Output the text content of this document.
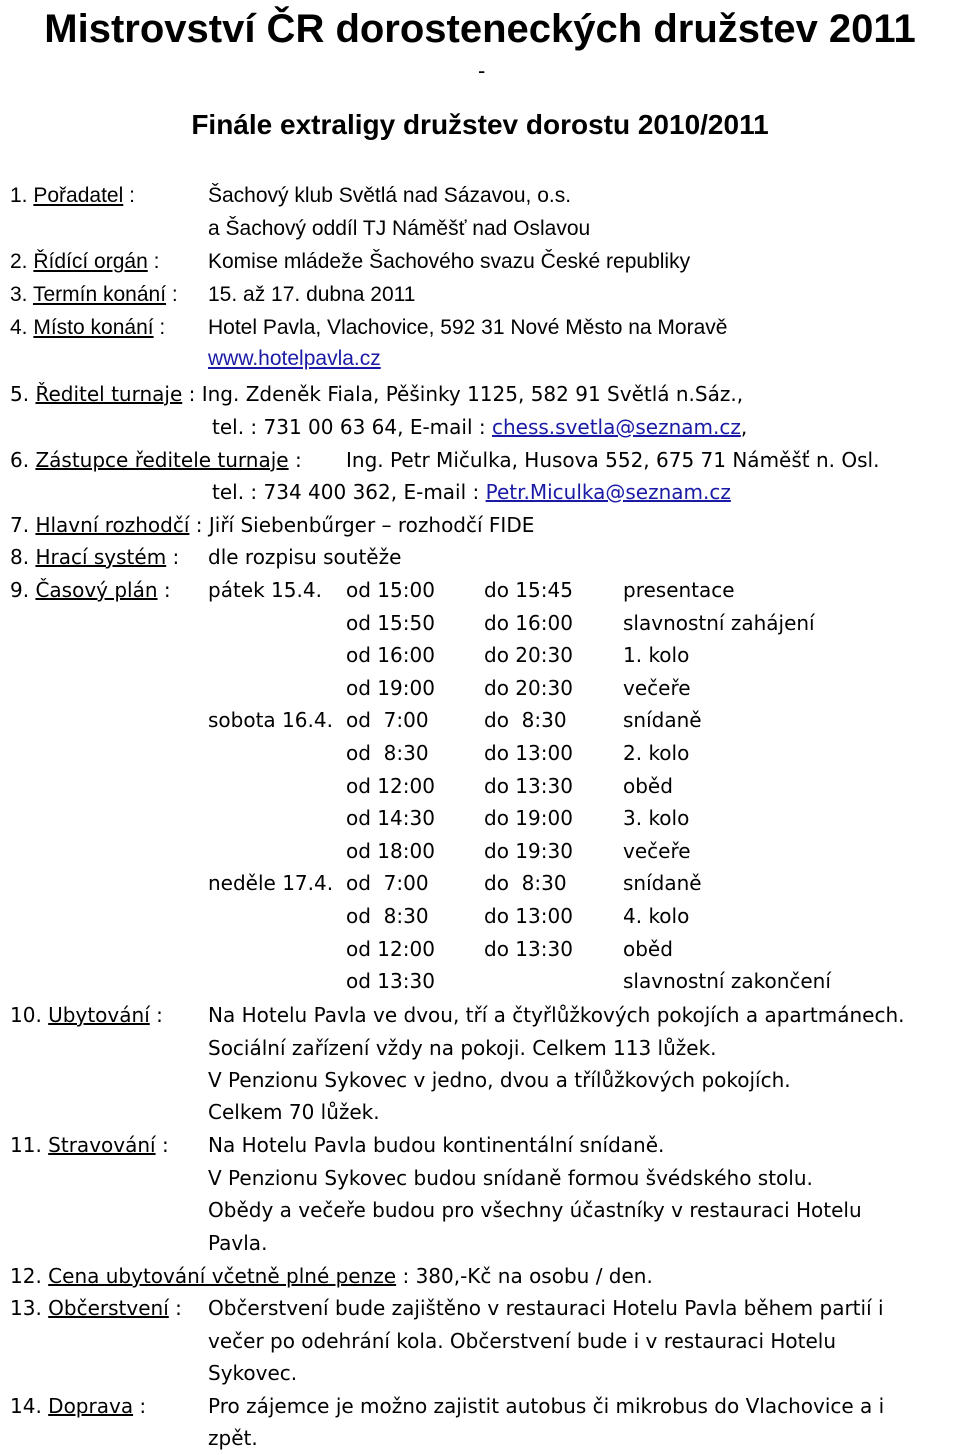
Mistrovství ČR dorosteneckých družstev 2011
-
Finále extraligy družstev dorostu 2010/2011
1. Pořadatel :	Šachový klub Světlá nad Sázavou, o.s.
a Šachový oddíl TJ Náměšť nad Oslavou
2. Řídící orgán : Komise mládeže Šachového svazu České republiky
3. Termín konání : 15. až 17. dubna 2011
4. Místo konání : Hotel Pavla, Vlachovice, 592 31 Nové Město na Moravě
www.hotelpavla.cz
5. Ředitel turnaje : Ing. Zdeněk Fiala, Pěšinky 1125, 582 91 Světlá n.Sáz.,
tel. : 731 00 63 64, E-mail : chess.svetla@seznam.cz,
6. Zástupce ředitele turnaje : Ing. Petr Mičulka, Husova 552, 675 71 Náměšť n. Osl.
tel. : 734 400 362, E-mail : Petr.Miculka@seznam.cz
7. Hlavní rozhodčí : Jiří Siebenbűrger – rozhodčí FIDE
8. Hrací systém : dle rozpisu soutěže
9. Časový plán : pátek 15.4. od 15:00 do 15:45	presentace
od 15:50 do 16:00	slavnostní zahájení
od 16:00 do 20:30	1. kolo
od 19:00 do 20:30	večeře
sobota 16.4. od  7:00	do  8:30	snídaně
od  8:30	do 13:00	2. kolo
od 12:00 do 13:30	oběd
od 14:30 do 19:00	3. kolo
od 18:00 do 19:30	večeře
neděle 17.4. od  7:00	do  8:30	snídaně
od  8:30	do 13:00	4. kolo
od 12:00 do 13:30	oběd
od 13:30	slavnostní zakončení
10. Ubytování : Na Hotelu Pavla ve dvou, tří a čtyřlůžkových pokojích a apartmánech.
Sociální zařízení vždy na pokoji. Celkem 113 lůžek.
V Penzionu Sykovec v jedno, dvou a třílůžkových pokojích.
Celkem 70 lůžek.
11. Stravování : Na Hotelu Pavla budou kontinentální snídaně.
V Penzionu Sykovec budou snídaně formou švédského stolu.
Obědy a večeře budou pro všechny účastníky v restauraci Hotelu
Pavla.
12. Cena ubytování včetně plné penze : 380,-Kč na osobu / den.
13. Občerstvení : Občerstvení bude zajištěno v restauraci Hotelu Pavla během partií i
večer po odehrání kola. Občerstvení bude i v restauraci Hotelu
Sykovec.
14. Doprava :	Pro zájemce je možno zajistit autobus či mikrobus do Vlachovice a i
zpět.
